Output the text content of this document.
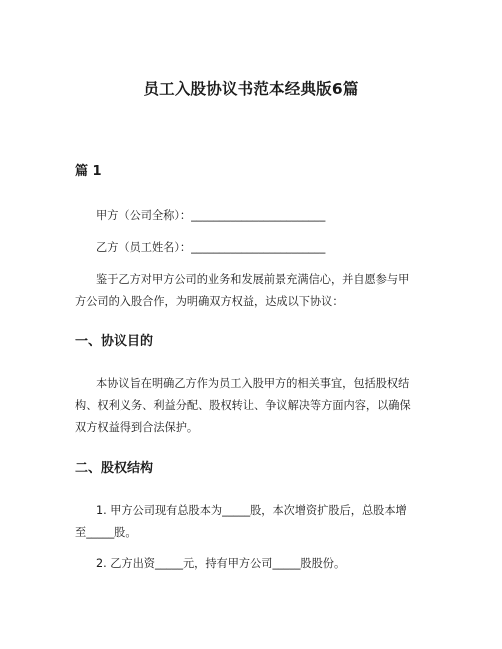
员工入股协议书范本经典版6篇
篇 1

甲方（公司全称）：________________________

乙方（员工姓名）：________________________

鉴于乙方对甲方公司的业务和发展前景充满信心，并自愿参与甲
方公司的入股合作，为明确双方权益，达成以下协议：

一、协议目的

本协议旨在明确乙方作为员工入股甲方的相关事宜，包括股权结
构、权利义务、利益分配、股权转让、争议解决等方面内容，以确保
双方权益得到合法保护。

二、股权结构

1. 甲方公司现有总股本为_____股，本次增资扩股后，总股本增
至_____股。

2. 乙方出资_____元，持有甲方公司_____股股份。
